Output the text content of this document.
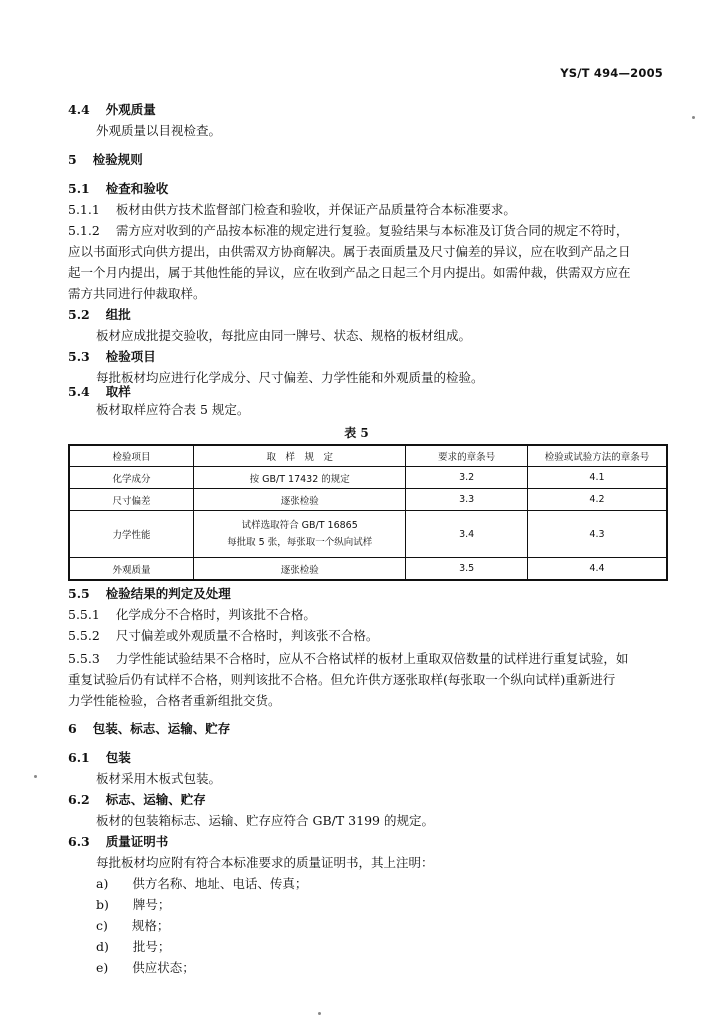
YS/T 494—2005
4.4 外观质量
外观质量以目视检查。
5 检验规则
5.1 检查和验收
5.1.1 板材由供方技术监督部门检查和验收，并保证产品质量符合本标准要求。
5.1.2 需方应对收到的产品按本标准的规定进行复验。复验结果与本标准及订货合同的规定不符时，
应以书面形式向供方提出，由供需双方协商解决。属于表面质量及尺寸偏差的异议，应在收到产品之日
起一个月内提出，属于其他性能的异议，应在收到产品之日起三个月内提出。如需仲裁，供需双方应在
需方共同进行仲裁取样。
5.2 组批
板材应成批提交验收，每批应由同一牌号、状态、规格的板材组成。
5.3 检验项目
每批板材均应进行化学成分、尺寸偏差、力学性能和外观质量的检验。
5.4 取样
板材取样应符合表 5 规定。
表 5
检验项目	取　样　规　定	要求的章条号	检验或试验方法的章条号
化学成分	按 GB/T 17432 的规定	3.2	4.1
尺寸偏差	逐张检验	3.3	4.2
力学性能	试样选取符合 GB/T 16865
每批取 5 张，每张取一个纵向试样	3.4	4.3
外观质量	逐张检验	3.5	4.4
5.5 检验结果的判定及处理
5.5.1 化学成分不合格时，判该批不合格。
5.5.2 尺寸偏差或外观质量不合格时，判该张不合格。
5.5.3 力学性能试验结果不合格时，应从不合格试样的板材上重取双倍数量的试样进行重复试验，如
重复试验后仍有试样不合格，则判该批不合格。但允许供方逐张取样(每张取一个纵向试样)重新进行
力学性能检验，合格者重新组批交货。
6 包装、标志、运输、贮存
6.1 包装
板材采用木板式包装。
6.2 标志、运输、贮存
板材的包装箱标志、运输、贮存应符合 GB/T 3199 的规定。
6.3 质量证明书
每批板材均应附有符合本标准要求的质量证明书，其上注明：
a) 供方名称、地址、电话、传真；
b) 牌号；
c) 规格；
d) 批号；
e) 供应状态；
